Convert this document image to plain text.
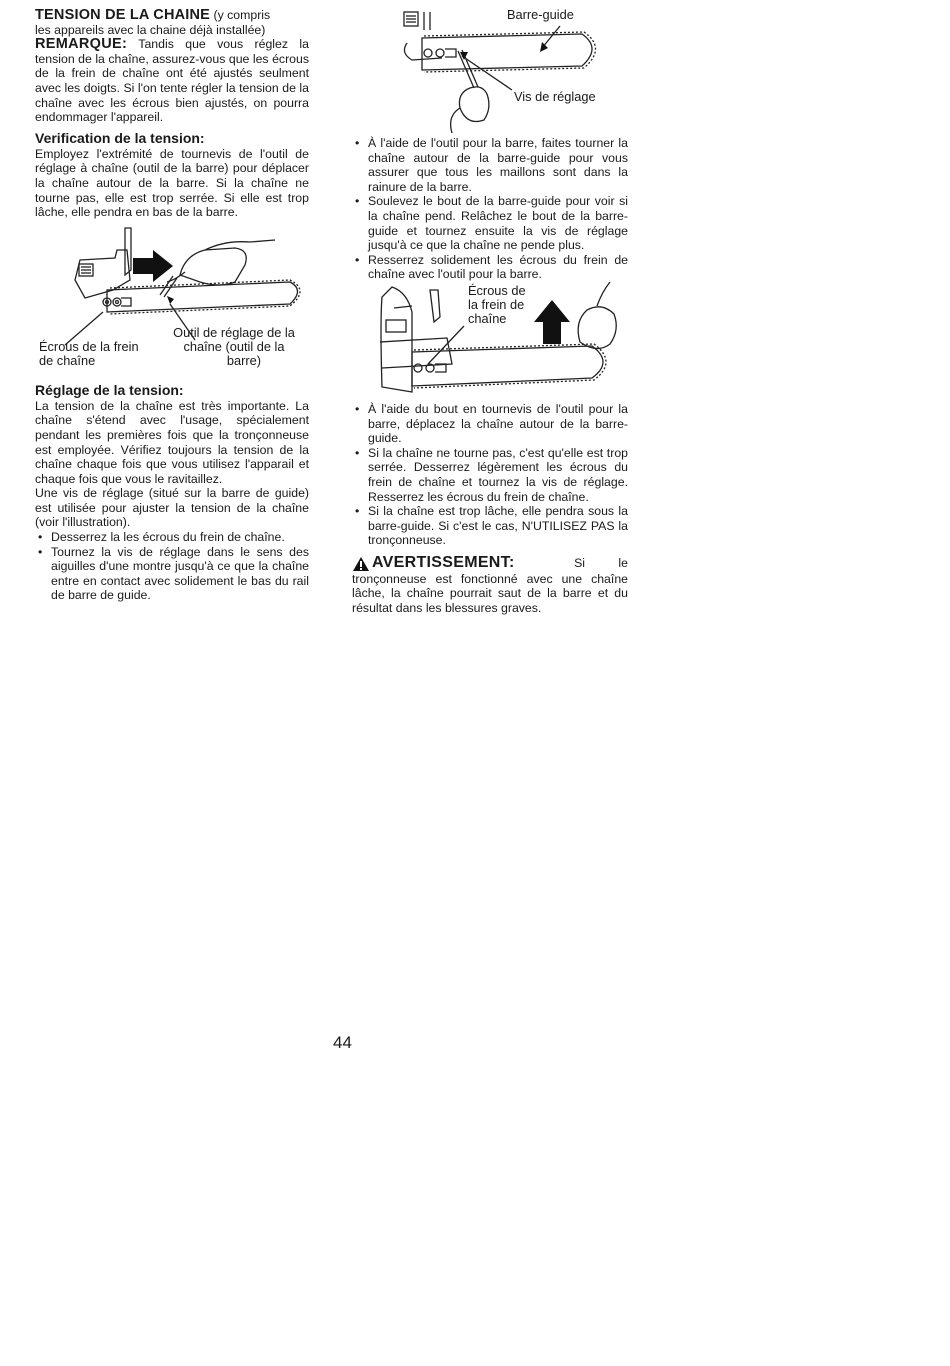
TENSION DE LA CHAINE (y compris

les appareils avec la chaine déjà installée)

REMARQUE: Tandis que vous réglez la tension de la chaîne, assurez-vous que les écrous de la frein de chaîne ont été ajustés seulment avec les doigts. Si l'on tente régler la tension de la chaîne avec les écrous bien ajustés, on pourra endommager l'appareil.

Verification de la tension:

Employez l'extrémité de tournevis de l'outil de réglage à chaîne (outil de la barre) pour déplacer la chaîne autour de la barre. Si la chaîne ne tourne pas, elle est trop serrée. Si elle est trop lâche, elle pendra en bas de la barre.

Écrous de la frein
de chaîne
Outil de réglage de la
chaîne (outil de la
barre)

Réglage de la tension:

La tension de la chaîne est très importante. La chaîne s'étend avec l'usage, spécialement pendant les premières fois que la tronçonneuse est employée. Vérifiez toujours la tension de la chaîne chaque fois que vous utilisez l'apparail et chaque fois que vous le ravitaillez.

Une vis de réglage (situé sur la barre de guide) est utilisée pour ajuster la tension de la chaîne (voir l'illustration).

• Desserrez la les écrous du frein de chaîne.
• Tournez la vis de réglage dans le sens des aiguilles d'une montre jusqu'à ce que la chaîne entre en contact avec solidement le bas du rail de barre de guide.
Barre-guide
Vis de réglage
• À l'aide de l'outil pour la barre, faites tourner la chaîne autour de la barre-guide pour vous assurer que tous les maillons sont dans la rainure de la barre.
• Soulevez le bout de la barre-guide pour voir si la chaîne pend. Relâchez le bout de la barre-guide et tournez ensuite la vis de réglage jusqu'à ce que la chaîne ne pende plus.
• Resserrez solidement les écrous du frein de chaîne avec l'outil pour la barre.
Écrous de
la frein de
chaîne
• À l'aide du bout en tournevis de l'outil pour la barre, déplacez la chaîne autour de la barre-guide.
• Si la chaîne ne tourne pas, c'est qu'elle est trop serrée. Desserrez légèrement les écrous du frein de chaîne et tournez la vis de réglage. Resserrez les écrous du frein de chaîne.
• Si la chaîne est trop lâche, elle pendra sous la barre-guide. Si c'est le cas, N'UTILISEZ PAS la tronçonneuse.
AVERTISSEMENT:	Si le

tronçonneuse est fonctionné avec une chaîne lâche, la chaîne pourrait saut de la barre et du résultat dans les blessures graves.

44
